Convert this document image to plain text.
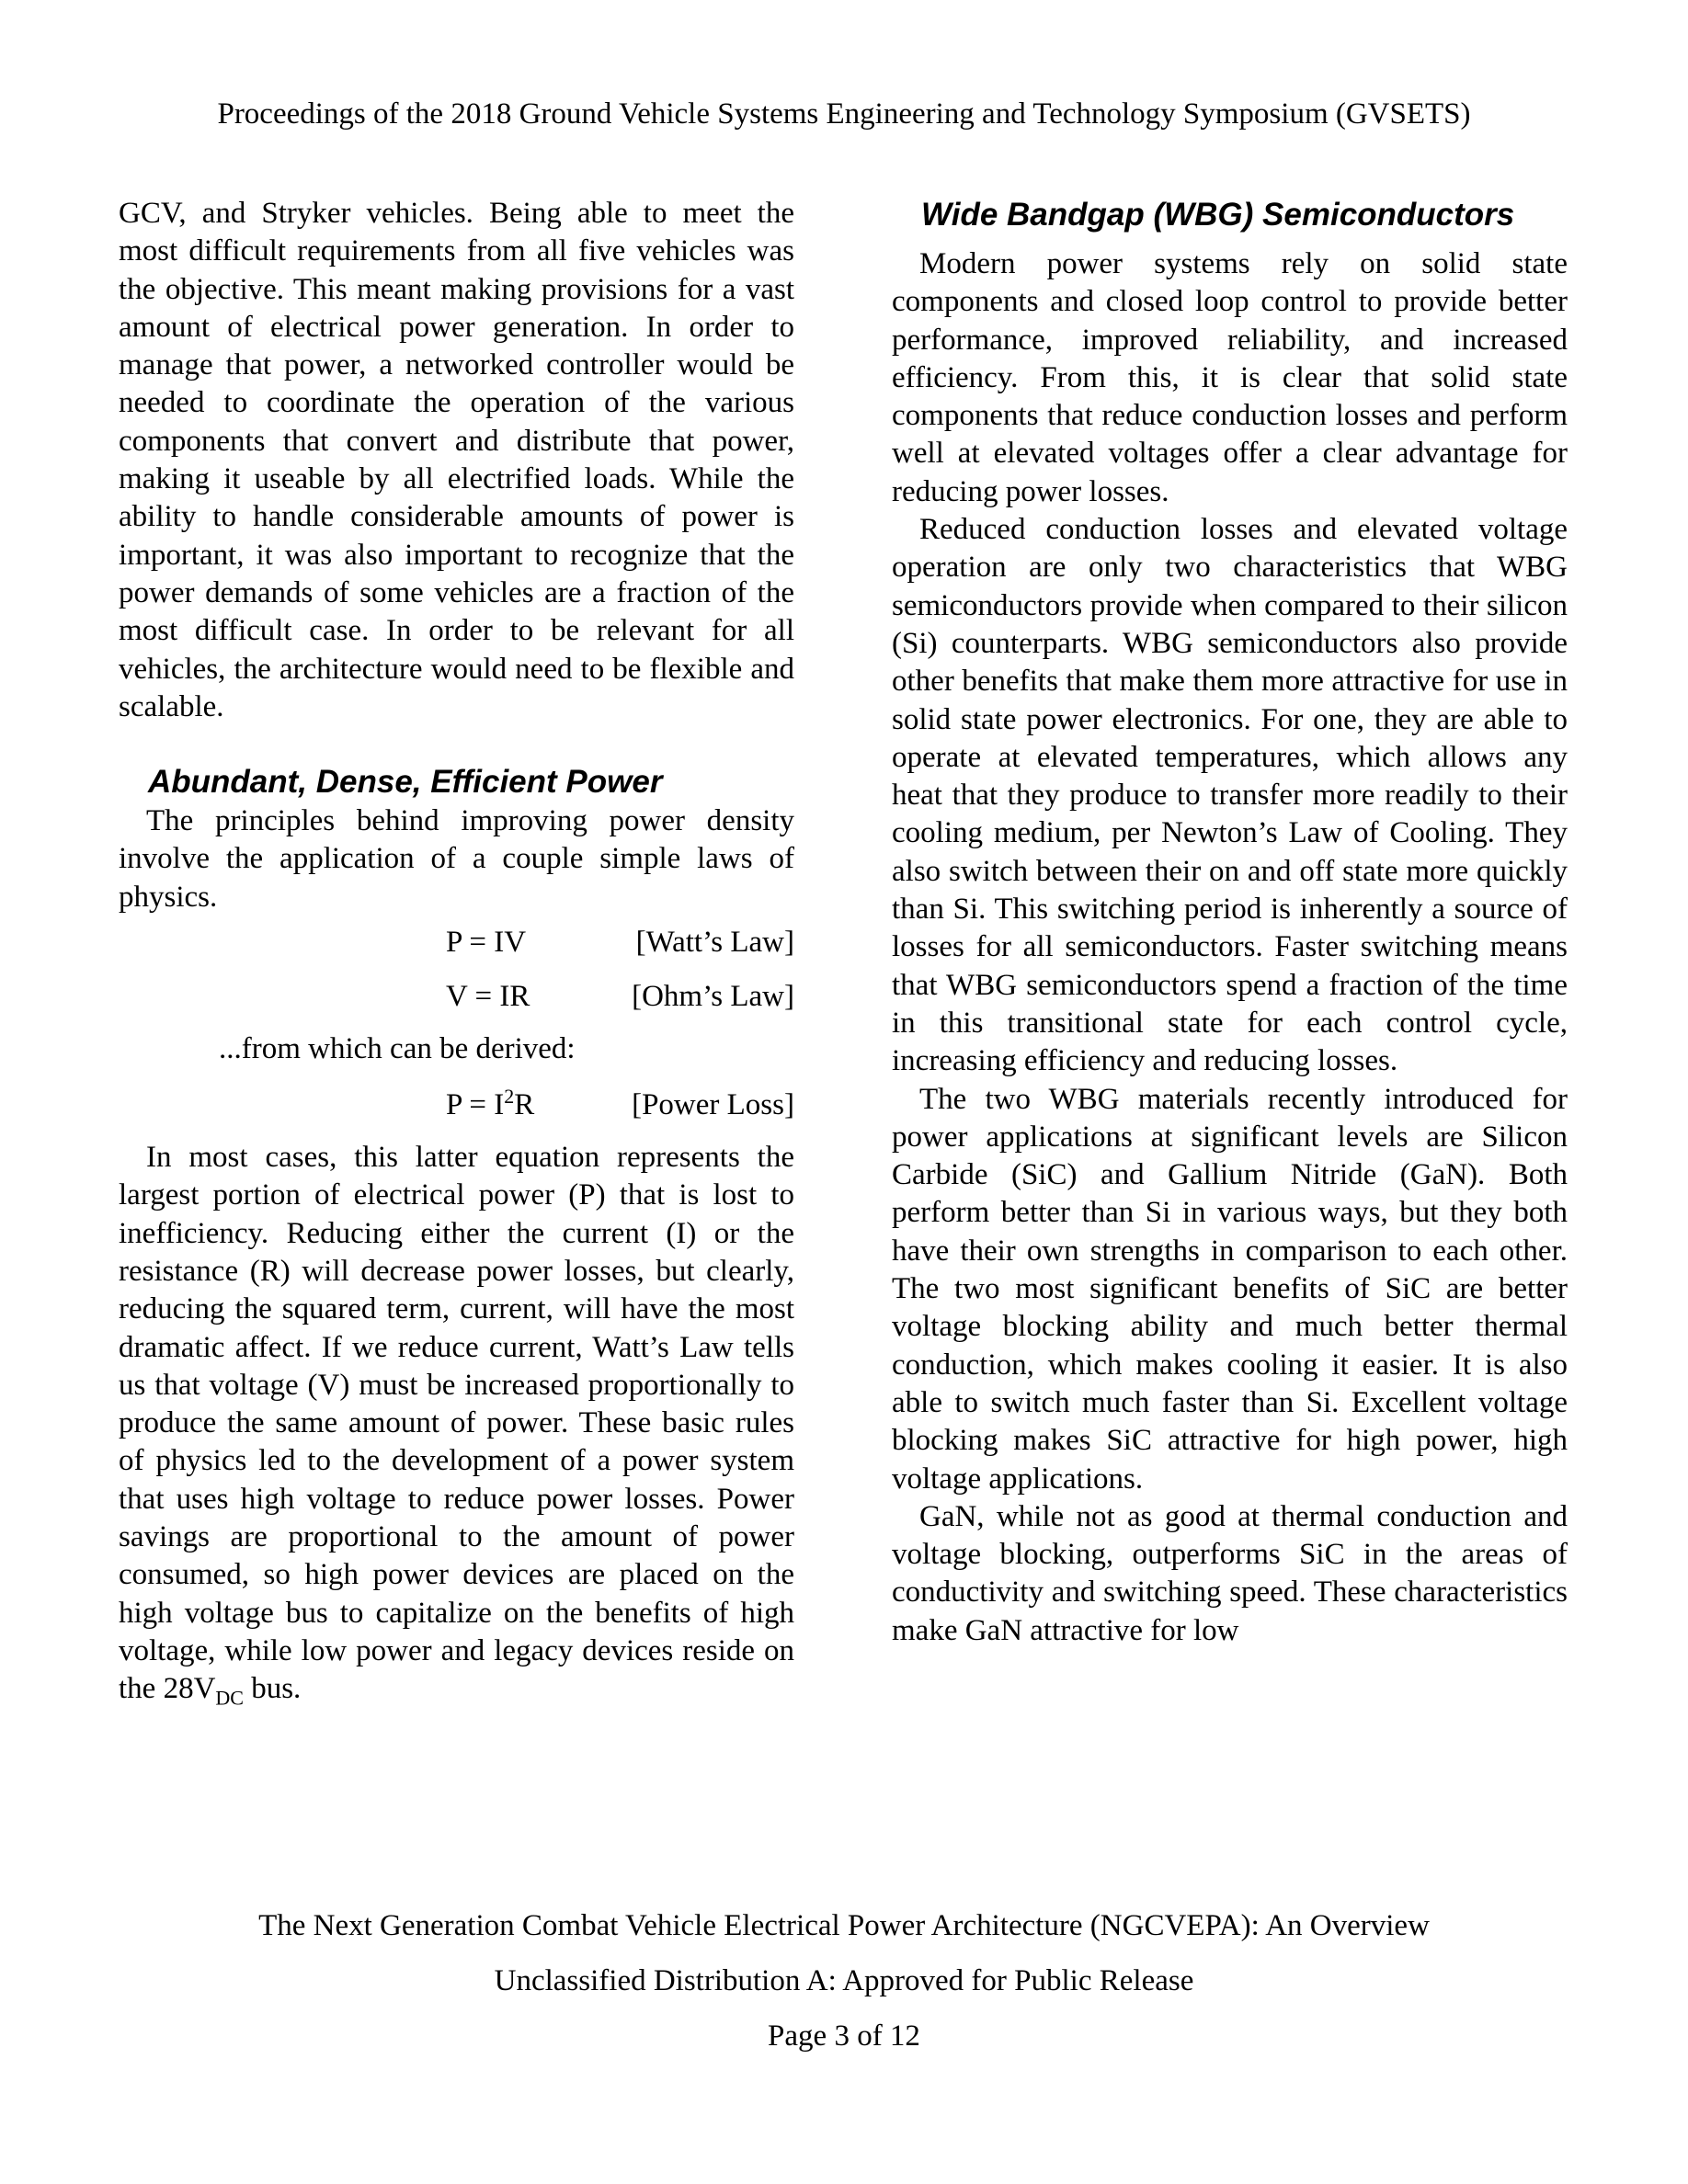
Proceedings of the 2018 Ground Vehicle Systems Engineering and Technology Symposium (GVSETS)

GCV, and Stryker vehicles. Being able to meet the most difficult requirements from all five vehicles was the objective. This meant making provisions for a vast amount of electrical power generation. In order to manage that power, a networked controller would be needed to coordinate the operation of the various components that convert and distribute that power, making it useable by all electrified loads. While the ability to handle considerable amounts of power is important, it was also important to recognize that the power demands of some vehicles are a fraction of the most difficult case. In order to be relevant for all vehicles, the architecture would need to be flexible and scalable.

Abundant, Dense, Efficient Power

The principles behind improving power density involve the application of a couple simple laws of physics.

P = IV	[Watt’s Law]
V = IR	[Ohm’s Law]
...from which can be derived:
$P = I^2R$	[Power Loss]

In most cases, this latter equation represents the largest portion of electrical power (P) that is lost to inefficiency. Reducing either the current (I) or the resistance (R) will decrease power losses, but clearly, reducing the squared term, current, will have the most dramatic affect. If we reduce current, Watt’s Law tells us that voltage (V) must be increased proportionally to produce the same amount of power. These basic rules of physics led to the development of a power system that uses high voltage to reduce power losses. Power savings are proportional to the amount of power consumed, so high power devices are placed on the high voltage bus to capitalize on the benefits of high voltage, while low power and legacy devices reside on the $28V_{DC}$ bus.

Wide Bandgap (WBG) Semiconductors

Modern power systems rely on solid state components and closed loop control to provide better performance, improved reliability, and increased efficiency. From this, it is clear that solid state components that reduce conduction losses and perform well at elevated voltages offer a clear advantage for reducing power losses.

Reduced conduction losses and elevated voltage operation are only two characteristics that WBG semiconductors provide when compared to their silicon (Si) counterparts. WBG semiconductors also provide other benefits that make them more attractive for use in solid state power electronics. For one, they are able to operate at elevated temperatures, which allows any heat that they produce to transfer more readily to their cooling medium, per Newton’s Law of Cooling. They also switch between their on and off state more quickly than Si. This switching period is inherently a source of losses for all semiconductors. Faster switching means that WBG semiconductors spend a fraction of the time in this transitional state for each control cycle, increasing efficiency and reducing losses.

The two WBG materials recently introduced for power applications at significant levels are Silicon Carbide (SiC) and Gallium Nitride (GaN). Both perform better than Si in various ways, but they both have their own strengths in comparison to each other. The two most significant benefits of SiC are better voltage blocking ability and much better thermal conduction, which makes cooling it easier. It is also able to switch much faster than Si. Excellent voltage blocking makes SiC attractive for high power, high voltage applications.

GaN, while not as good at thermal conduction and voltage blocking, outperforms SiC in the areas of conductivity and switching speed. These characteristics make GaN attractive for low

The Next Generation Combat Vehicle Electrical Power Architecture (NGCVEPA): An Overview
Unclassified Distribution A: Approved for Public Release
Page 3 of 12
